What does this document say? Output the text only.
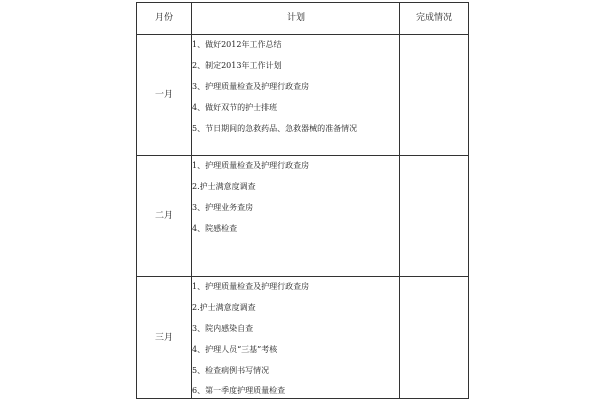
月份	计划	完成情况
一月
1、做好2012年工作总结
2、制定2013年工作计划
3、护理质量检查及护理行政查房
4、做好双节的护士排班
5、节日期间的急救药品、急救器械的准备情况
二月
1、护理质量检查及护理行政查房
2.护士满意度调查
3、护理业务查房
4、院感检查
三月
1、护理质量检查及护理行政查房
2.护士满意度调查
3、院内感染自查
4、护理人员“三基”考核
5、检查病例书写情况
6、第一季度护理质量检查
